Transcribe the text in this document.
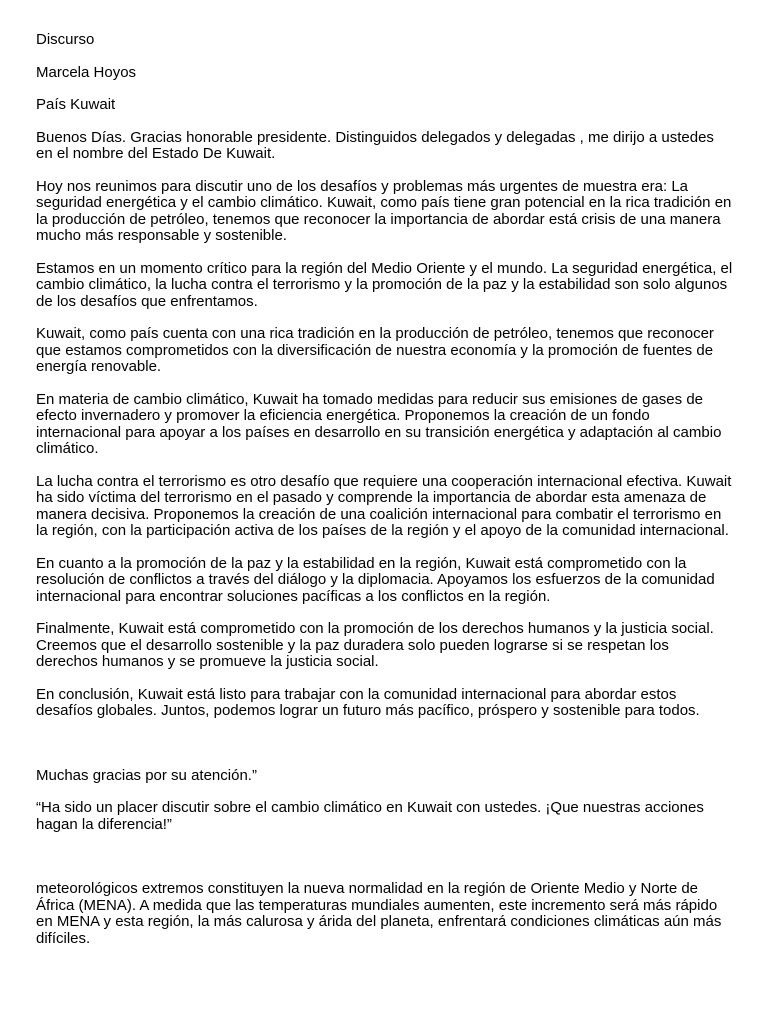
Discurso

Marcela Hoyos

País Kuwait

Buenos Días. Gracias honorable presidente. Distinguidos delegados y delegadas , me dirijo a ustedes en el nombre del Estado De Kuwait.

Hoy nos reunimos para discutir uno de los desafíos y problemas más urgentes de muestra era: La seguridad energética y el cambio climático. Kuwait, como país tiene gran potencial en la rica tradición en la producción de petróleo, tenemos que reconocer la importancia de abordar está crisis de una manera mucho más responsable y sostenible.

Estamos en un momento crítico para la región del Medio Oriente y el mundo. La seguridad energética, el cambio climático, la lucha contra el terrorismo y la promoción de la paz y la estabilidad son solo algunos de los desafíos que enfrentamos.

Kuwait, como país cuenta con una rica tradición en la producción de petróleo, tenemos que reconocer que estamos comprometidos con la diversificación de nuestra economía y la promoción de fuentes de energía renovable.

En materia de cambio climático, Kuwait ha tomado medidas para reducir sus emisiones de gases de efecto invernadero y promover la eficiencia energética. Proponemos la creación de un fondo internacional para apoyar a los países en desarrollo en su transición energética y adaptación al cambio climático.

La lucha contra el terrorismo es otro desafío que requiere una cooperación internacional efectiva. Kuwait ha sido víctima del terrorismo en el pasado y comprende la importancia de abordar esta amenaza de manera decisiva. Proponemos la creación de una coalición internacional para combatir el terrorismo en la región, con la participación activa de los países de la región y el apoyo de la comunidad internacional.

En cuanto a la promoción de la paz y la estabilidad en la región, Kuwait está comprometido con la resolución de conflictos a través del diálogo y la diplomacia. Apoyamos los esfuerzos de la comunidad internacional para encontrar soluciones pacíficas a los conflictos en la región.

Finalmente, Kuwait está comprometido con la promoción de los derechos humanos y la justicia social. Creemos que el desarrollo sostenible y la paz duradera solo pueden lograrse si se respetan los derechos humanos y se promueve la justicia social.

En conclusión, Kuwait está listo para trabajar con la comunidad internacional para abordar estos desafíos globales. Juntos, podemos lograr un futuro más pacífico, próspero y sostenible para todos.

Muchas gracias por su atención.”

“Ha sido un placer discutir sobre el cambio climático en Kuwait con ustedes. ¡Que nuestras acciones hagan la diferencia!”

meteorológicos extremos constituyen la nueva normalidad en la región de Oriente Medio y Norte de África (MENA). A medida que las temperaturas mundiales aumenten, este incremento será más rápido en MENA y esta región, la más calurosa y árida del planeta, enfrentará condiciones climáticas aún más difíciles.
